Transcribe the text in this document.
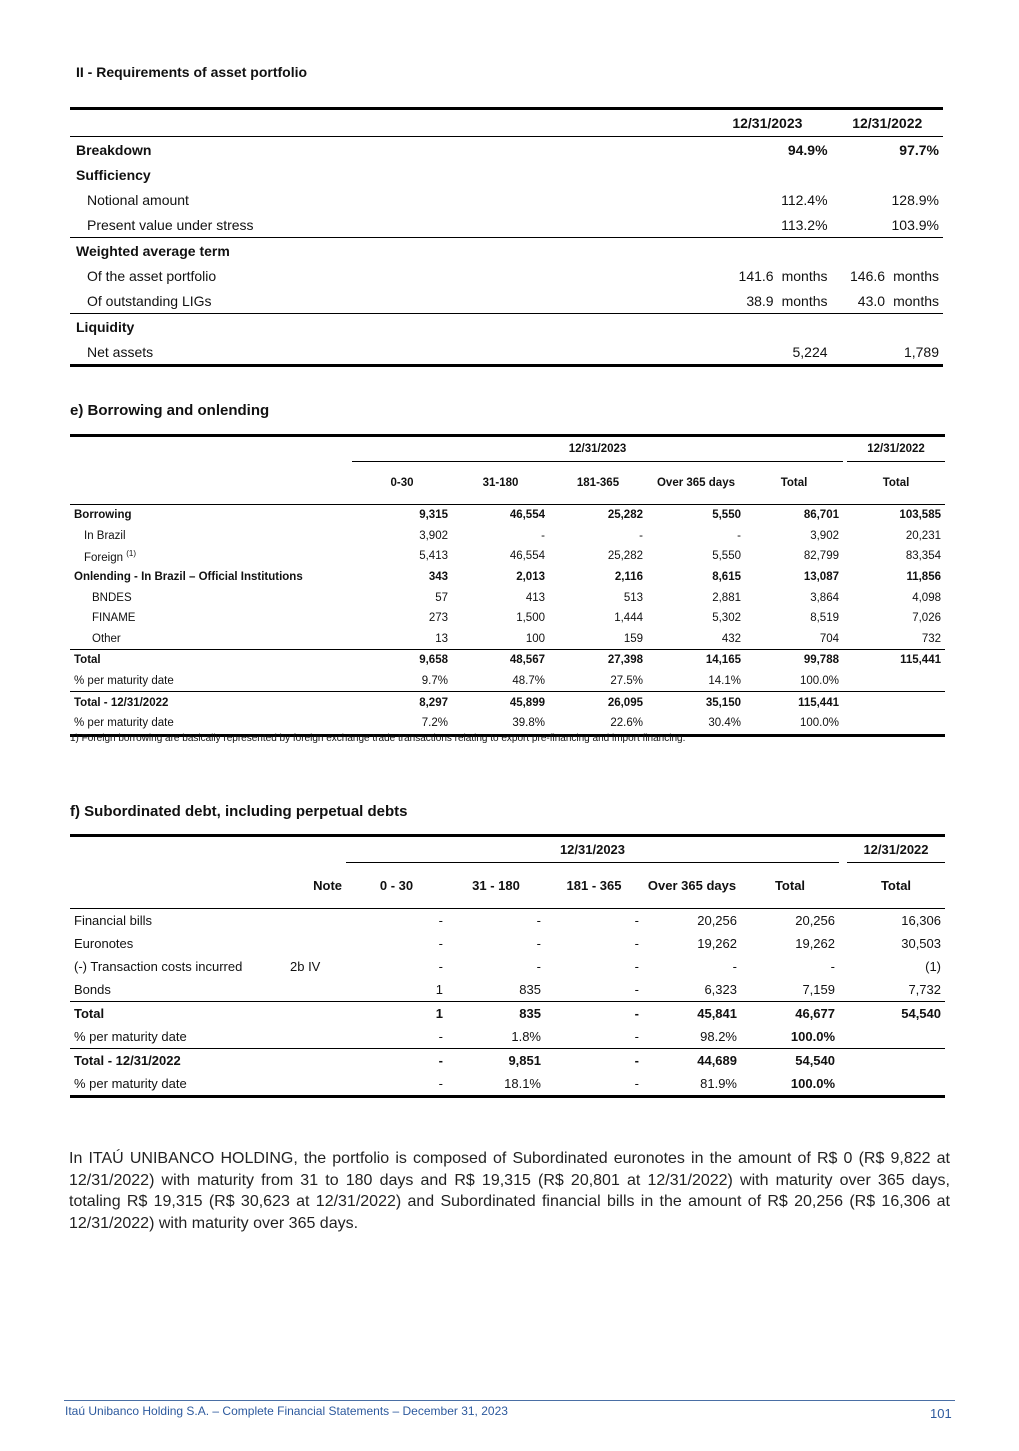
II - Requirements of asset portfolio
	12/31/2023		12/31/2022	
Breakdown	94.9%		97.7%	
Sufficiency				
Notional amount	112.4%		128.9%	
Present value under stress	113.2%		103.9%	
Weighted average term				
Of the asset portfolio	141.6	months	146.6	months
Of outstanding LIGs	38.9	months	43.0	months
Liquidity				
Net assets	5,224		1,789	
e) Borrowing and onlending
	12/31/2023						12/31/2022
	0-30	31-180	181-365	Over 365 days	Total		Total
Borrowing	9,315	46,554	25,282	5,550	86,701		103,585
In Brazil	3,902	-	-	-	3,902		20,231
Foreign $^{(1)}$	5,413	46,554	25,282	5,550	82,799		83,354
Onlending - In Brazil – Official Institutions	343	2,013	2,116	8,615	13,087		11,856
BNDES	57	413	513	2,881	3,864		4,098
FINAME	273	1,500	1,444	5,302	8,519		7,026
Other	13	100	159	432	704		732
Total	9,658	48,567	27,398	14,165	99,788		115,441
% per maturity date	9.7%	48.7%	27.5%	14.1%	100.0%		
Total - 12/31/2022	8,297	45,899	26,095	35,150	115,441		
% per maturity date	7.2%	39.8%	22.6%	30.4%	100.0%		
1) Foreign borrowing are basically represented by foreign exchange trade transactions relating to export pre-financing and import financing.
f) Subordinated debt, including perpetual debts
		12/31/2023						12/31/2022
	Note	0 - 30	31 - 180	181 - 365	Over 365 days	Total		Total
Financial bills		-	-	-	20,256	20,256		16,306
Euronotes		-	-	-	19,262	19,262		30,503
(-) Transaction costs incurred	2b IV	-	-	-	-	-		(1)
Bonds		1	835	-	6,323	7,159		7,732
Total		1	835	-	45,841	46,677		54,540
% per maturity date		-	1.8%	-	98.2%	100.0%		
Total - 12/31/2022		-	9,851	-	44,689	54,540		
% per maturity date		-	18.1%	-	81.9%	100.0%		
In ITAÚ UNIBANCO HOLDING, the portfolio is composed of Subordinated euronotes in the amount of R$ 0 (R$ 9,822 at 12/31/2022) with maturity from 31 to 180 days and R$ 19,315 (R$ 20,801 at 12/31/2022) with maturity over 365 days, totaling R$ 19,315 (R$ 30,623 at 12/31/2022) and Subordinated financial bills in the amount of R$ 20,256 (R$ 16,306 at 12/31/2022) with maturity over 365 days.
Itaú Unibanco Holding S.A. – Complete Financial Statements – December 31, 2023	101
